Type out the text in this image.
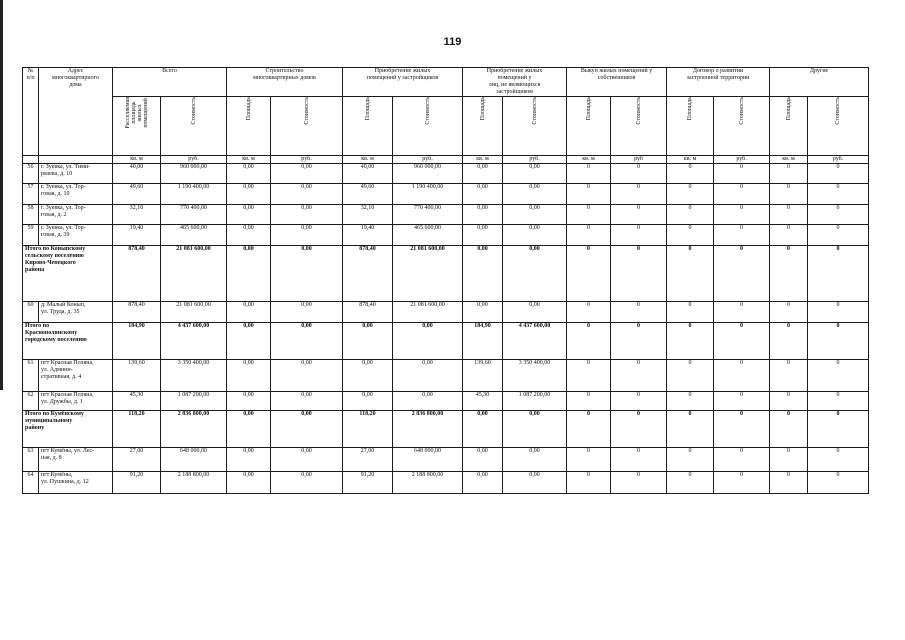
119
№
п/п	Адрес
многоквартирного
дома	Всего		Строительство
многоквартирных домов		Приобретение жилых
помещений у застройщиков		Приобретение жилых
помещений у
лиц, не являющихся
застройщиком		Выкуп жилых помещений у
собственников		Договор о развитии
застроенной территории		Другие	
		Расселяемая
площадь
жилых
помещений	Стоимость	Площадь	Стоимость	Площадь	Стоимость	Площадь	Стоимость	Площадь	Стоимость	Площадь	Стоимость	Площадь	Стоимость
		кв. м	руб.	кв. м	руб.	кв. м	руб.	кв. м	руб.	кв. м	руб	кв. м	руб.	кв. м	руб.
56	г. Зуевка, ул. Тими-
рязева, д. 10	40,00	960 000,00	0,00	0,00	40,00	960 000,00	0,00	0,00	0	0	0	0	0	0
57	г. Зуевка, ул. Тор-
говая, д. 10	49,60	1 190 400,00	0,00	0,00	49,60	1 190 400,00	0,00	0,00	0	0	0	0	0	0
58	г. Зуевка, ул. Тор-
говая, д. 2	32,10	770 400,00	0,00	0,00	32,10	770 400,00	0,00	0,00	0	0	0	0	0	0
59	г. Зуевка, ул. Тор-
говая, д. 39	19,40	465 600,00	0,00	0,00	19,40	465 600,00	0,00	0,00	0	0	0	0	0	0
Итого по Коныпскому
сельскому поселению
Кирово-Чепецкого
района		878,40	21 081 600,00	0,00	0,00	878,40	21 081 600,00	0,00	0,00	0	0	0	0	0	0
60	д. Малый Конып,
ул. Труда, д. 35	878,40	21 081 600,00	0,00	0,00	878,40	21 081 600,00	0,00	0,00	0	0	0	0	0	0
Итого по
Краснополянскому
городскому поселению		184,90	4 437 600,00	0,00	0,00	0,00	0,00	184,90	4 437 600,00	0	0	0	0	0	0
61	пгт Красная Поляна,
ул. Админи-
стративная, д. 4	139,60	3 350 400,00	0,00	0,00	0,00	0,00	139,60	3 350 400,00	0	0	0	0	0	0
62	пгт Красная Поляна,
ул. Дружбы, д. 1	45,30	1 087 200,00	0,00	0,00	0,00	0,00	45,30	1 087 200,00	0	0	0	0	0	0
Итого по Кумёнскому
муниципальному
району		118,20	2 836 800,00	0,00	0,00	118,20	2 836 800,00	0,00	0,00	0	0	0	0	0	0
63	пгт Кумёны, ул. Лес-
ная, д. 8	27,00	648 000,00	0,00	0,00	27,00	648 000,00	0,00	0,00	0	0	0	0	0	0
64	пгт Кумёны,
ул. Пушкина, д. 12	91,20	2 188 800,00	0,00	0,00	91,20	2 188 800,00	0,00	0,00	0	0	0	0	0	0
